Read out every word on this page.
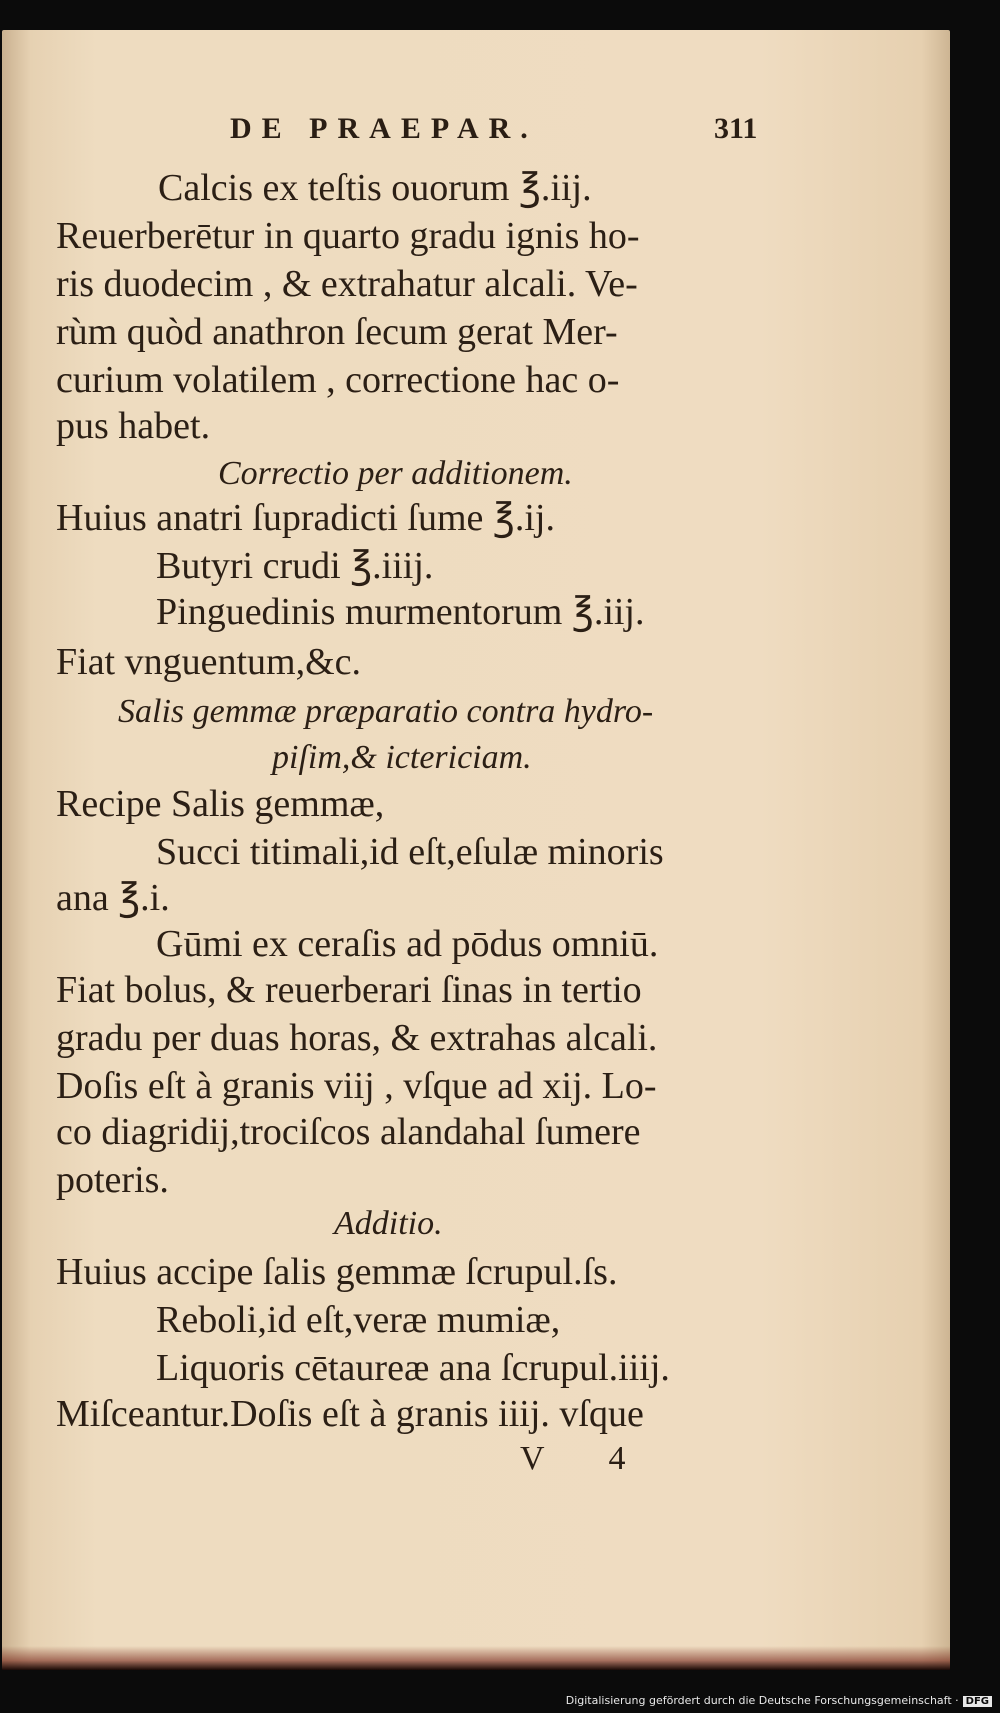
DE PRAEPAR.	311
Calcis ex teſtis ouorum ℥.iij.
Reuerberētur in quarto gradu ignis ho-
ris duodecim , & extrahatur alcali. Ve-
rùm quòd anathron ſecum gerat Mer-
curium volatilem , correctione hac o-
pus habet.
Correctio per additionem.
Huius anatri ſupradicti ſume ℥.ij.
Butyri crudi ℥.iiij.
Pinguedinis murmentorum ℥.iij.
Fiat vnguentum,&c.
Salis gemmæ præparatio contra hydro-
piſim,& ictericiam.
Recipe Salis gemmæ,
Succi titimali,id eſt,eſulæ minoris
ana ℥.i.
Gūmi ex ceraſis ad pōdus omniū.
Fiat bolus, & reuerberari ſinas in tertio
gradu per duas horas, & extrahas alcali.
Doſis eſt à granis viij , vſque ad xij. Lo-
co diagridij,trociſcos alandahal ſumere
poteris.
Additio.
Huius accipe ſalis gemmæ ſcrupul.ſs.
Reboli,id eſt,veræ mumiæ,
Liquoris cētaureæ ana ſcrupul.iiij.
Miſceantur.Doſis eſt à granis iiij. vſque
V 4
Digitalisierung gefördert durch die Deutsche Forschungsgemeinschaft · DFG
